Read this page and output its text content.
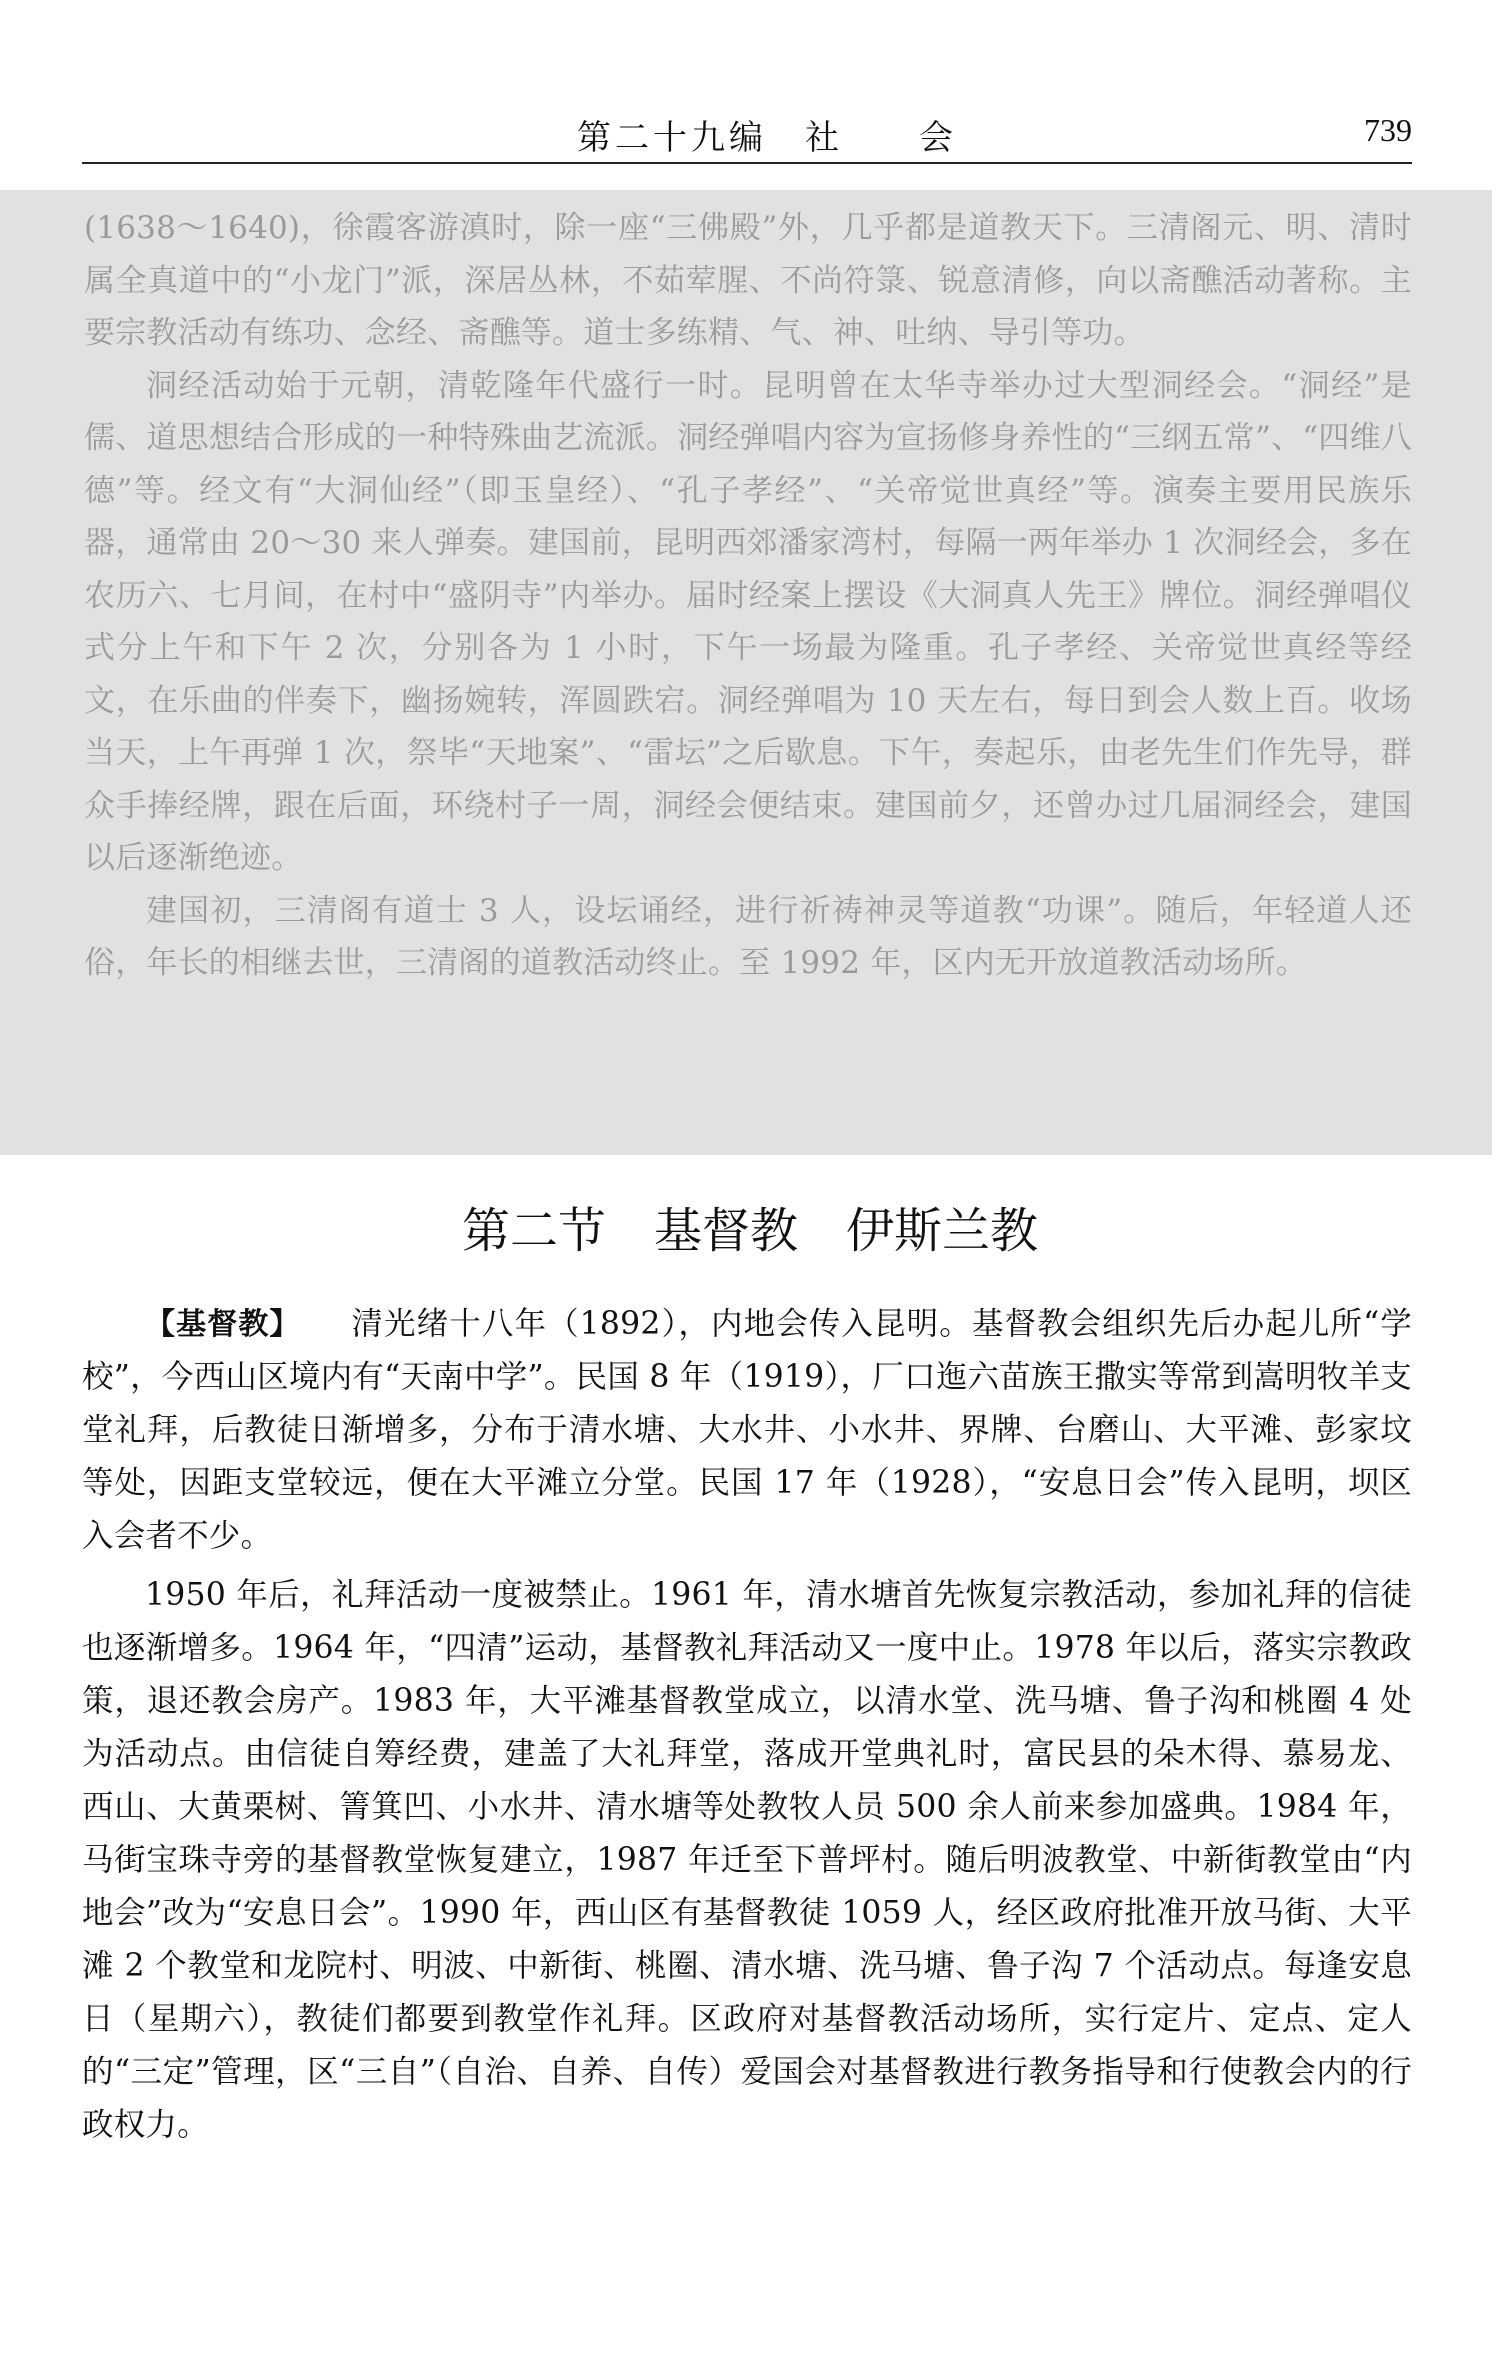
第二十九编　社　　会	739

(1638～1640)，徐霞客游滇时，除一座“三佛殿”外，几乎都是道教天下。三清阁元、明、清时属全真道中的“小龙门”派，深居丛林，不茹荤腥、不尚符箓、锐意清修，向以斋醮活动著称。主要宗教活动有练功、念经、斋醮等。道士多练精、气、神、吐纳、导引等功。

洞经活动始于元朝，清乾隆年代盛行一时。昆明曾在太华寺举办过大型洞经会。“洞经”是儒、道思想结合形成的一种特殊曲艺流派。洞经弹唱内容为宣扬修身养性的“三纲五常”、“四维八德”等。经文有“大洞仙经”（即玉皇经）、“孔子孝经”、“关帝觉世真经”等。演奏主要用民族乐器，通常由 20～30 来人弹奏。建国前，昆明西郊潘家湾村，每隔一两年举办 1 次洞经会，多在农历六、七月间，在村中“盛阴寺”内举办。届时经案上摆设《大洞真人先王》牌位。洞经弹唱仪式分上午和下午 2 次，分别各为 1 小时，下午一场最为隆重。孔子孝经、关帝觉世真经等经文，在乐曲的伴奏下，幽扬婉转，浑圆跌宕。洞经弹唱为 10 天左右，每日到会人数上百。收场当天，上午再弹 1 次，祭毕“天地案”、“雷坛”之后歇息。下午，奏起乐，由老先生们作先导，群众手捧经牌，跟在后面，环绕村子一周，洞经会便结束。建国前夕，还曾办过几届洞经会，建国以后逐渐绝迹。

建国初，三清阁有道士 3 人，设坛诵经，进行祈祷神灵等道教“功课”。随后，年轻道人还俗，年长的相继去世，三清阁的道教活动终止。至 1992 年，区内无开放道教活动场所。

第二节　基督教　伊斯兰教

【基督教】 清光绪十八年（1892），内地会传入昆明。基督教会组织先后办起儿所“学校”，今西山区境内有“天南中学”。民国 8 年（1919），厂口迤六苗族王撒实等常到嵩明牧羊支堂礼拜，后教徒日渐增多，分布于清水塘、大水井、小水井、界牌、台磨山、大平滩、彭家坟等处，因距支堂较远，便在大平滩立分堂。民国 17 年（1928），“安息日会”传入昆明，坝区入会者不少。

1950 年后，礼拜活动一度被禁止。1961 年，清水塘首先恢复宗教活动，参加礼拜的信徒也逐渐增多。1964 年，“四清”运动，基督教礼拜活动又一度中止。1978 年以后，落实宗教政策，退还教会房产。1983 年，大平滩基督教堂成立，以清水堂、洗马塘、鲁子沟和桃圈 4 处为活动点。由信徒自筹经费，建盖了大礼拜堂，落成开堂典礼时，富民县的朵木得、慕易龙、西山、大黄栗树、箐箕凹、小水井、清水塘等处教牧人员 500 余人前来参加盛典。1984 年，马街宝珠寺旁的基督教堂恢复建立，1987 年迁至下普坪村。随后明波教堂、中新街教堂由“内地会”改为“安息日会”。1990 年，西山区有基督教徒 1059 人，经区政府批准开放马街、大平滩 2 个教堂和龙院村、明波、中新街、桃圈、清水塘、洗马塘、鲁子沟 7 个活动点。每逢安息日（星期六），教徒们都要到教堂作礼拜。区政府对基督教活动场所，实行定片、定点、定人的“三定”管理，区“三自”（自治、自养、自传）爱国会对基督教进行教务指导和行使教会内的行政权力。
